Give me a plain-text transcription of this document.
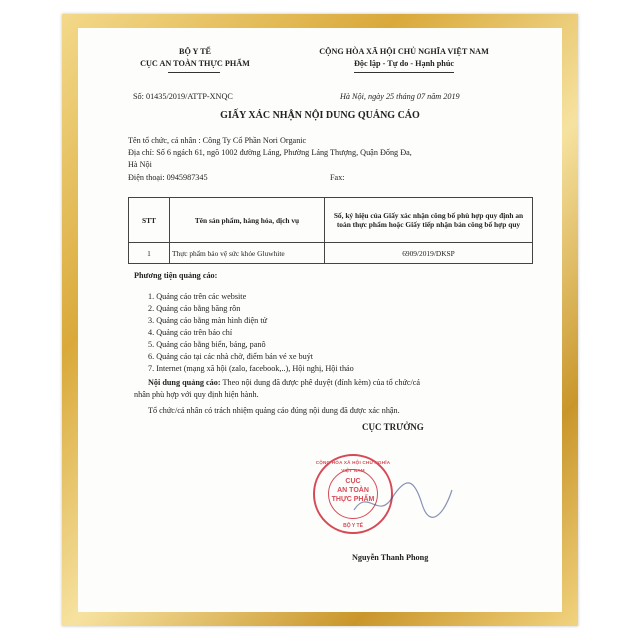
BỘ Y TẾ
CỤC AN TOÀN THỰC PHẨM
Số: 01435/2019/ATTP-XNQC
CỘNG HÒA XÃ HỘI CHỦ NGHĨA VIỆT NAM
Độc lập - Tự do - Hạnh phúc
Hà Nội, ngày 25 tháng 07 năm 2019
GIẤY XÁC NHẬN NỘI DUNG QUẢNG CÁO
Tên tổ chức, cá nhân : Công Ty Cổ Phần Nori Organic
Địa chỉ: Số 6 ngách 61, ngõ 1002 đường Láng, Phường Láng Thượng, Quận Đống Đa,
Hà Nội
Điện thoại: 0945987345	Fax:
STT	Tên sản phẩm, hàng hóa, dịch vụ	Số, ký hiệu của Giấy xác nhận công bố phù hợp quy định an toàn thực phẩm hoặc Giấy tiếp nhận bản công bố hợp quy
1	Thực phẩm bảo vệ sức khỏe Gluwhite	6909/2019/DKSP
Phương tiện quảng cáo:
1. Quảng cáo trên các website
2. Quảng cáo bằng băng rôn
3. Quảng cáo bằng màn hình điện tử
4. Quảng cáo trên báo chí
5. Quảng cáo bằng biển, bảng, panô
6. Quảng cáo tại các nhà chờ, điểm bán vé xe buýt
7. Internet (mạng xã hội (zalo, facebook,..), Hội nghị, Hội thảo
Nội dung quảng cáo: Theo nội dung đã được phê duyệt (đính kèm) của tổ chức/cá
nhân phù hợp với quy định hiện hành.
Tổ chức/cá nhân có trách nhiệm quảng cáo đúng nội dung đã được xác nhận.
CỤC TRƯỞNG
CỘNG HÒA XÃ HỘI CHỦ NGHĨA VIỆT NAM
CỤC
AN TOÀN
THỰC PHẨM
BỘ Y TẾ
Nguyễn Thanh Phong
